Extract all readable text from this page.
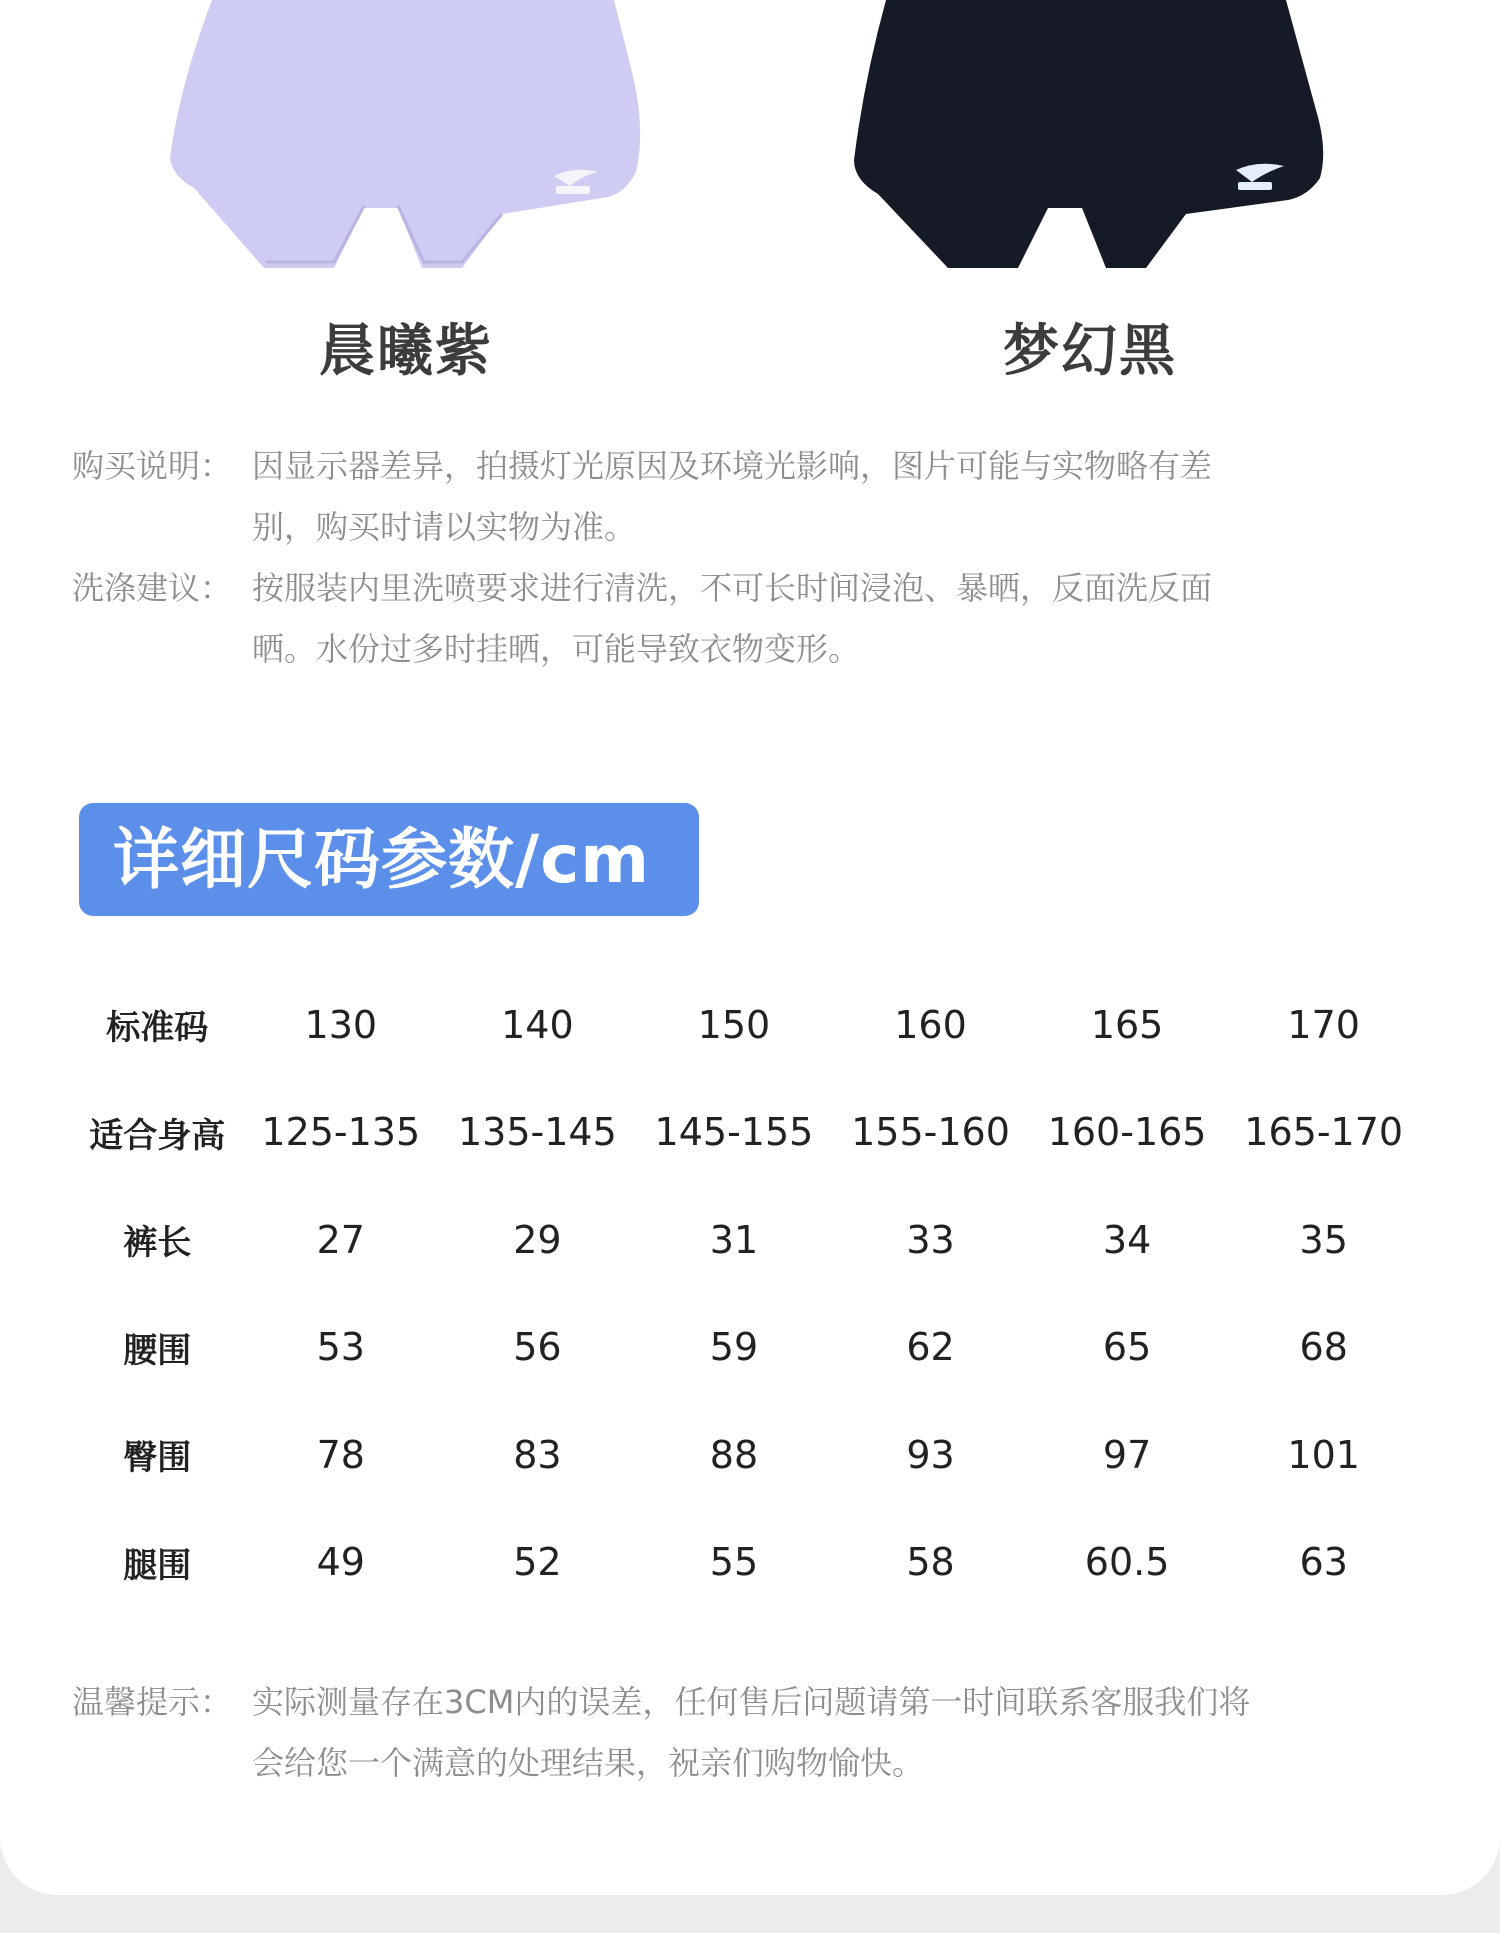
晨曦紫	梦幻黑
购买说明： 因显示器差异，拍摄灯光原因及环境光影响，图片可能与实物略有差别，购买时请以实物为准。
洗涤建议： 按服装内里洗喷要求进行清洗，不可长时间浸泡、暴晒，反面洗反面晒。水份过多时挂晒，可能导致衣物变形。
详细尺码参数/cm
标准码	130	140	150	160	165	170
适合身高	125-135	135-145	145-155	155-160	160-165	165-170
裤长	27	29	31	33	34	35
腰围	53	56	59	62	65	68
臀围	78	83	88	93	97	101
腿围	49	52	55	58	60.5	63
温馨提示： 实际测量存在3CM内的误差，任何售后问题请第一时间联系客服我们将会给您一个满意的处理结果，祝亲们购物愉快。
